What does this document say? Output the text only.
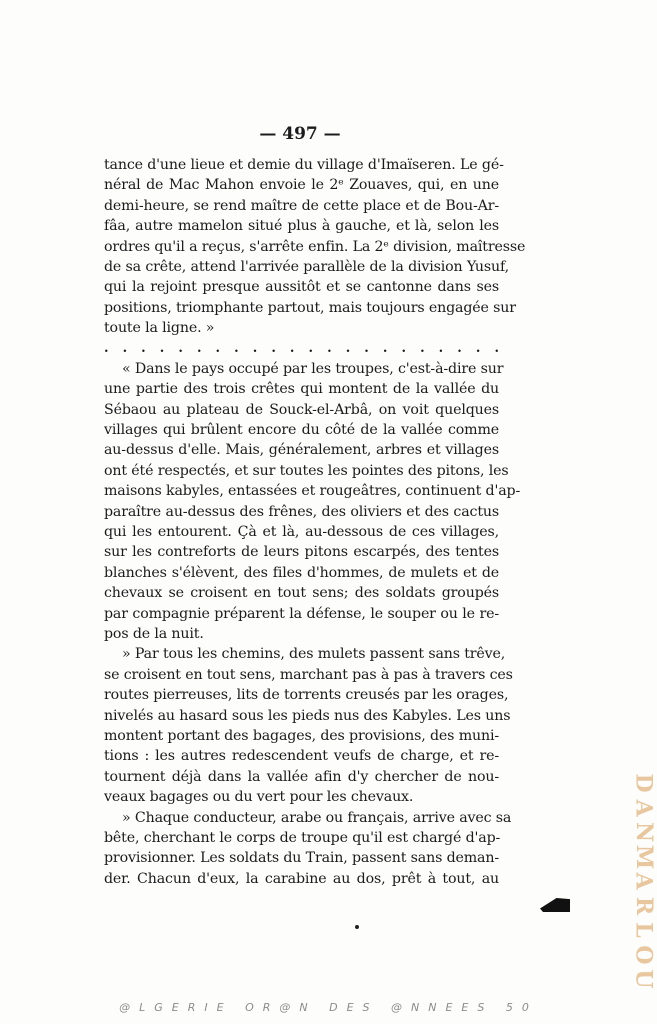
— 497 —
tance d'une lieue et demie du village d'Imaïseren. Le gé-
néral de Mac Mahon envoie le 2ᵉ Zouaves, qui, en une
demi-heure, se rend maître de cette place et de Bou-Ar-
fâa, autre mamelon situé plus à gauche, et là, selon les
ordres qu'il a reçus, s'arrête enfin. La 2ᵉ division, maîtresse
de sa crête, attend l'arrivée parallèle de la division Yusuf,
qui la rejoint presque aussitôt et se cantonne dans ses
positions, triomphante partout, mais toujours engagée sur
toute la ligne. »
. . . . . . . . . . . . . . . . . . . . . .
« Dans le pays occupé par les troupes, c'est-à-dire sur
une partie des trois crêtes qui montent de la vallée du
Sébaou au plateau de Souck-el-Arbâ, on voit quelques
villages qui brûlent encore du côté de la vallée comme
au-dessus d'elle. Mais, généralement, arbres et villages
ont été respectés, et sur toutes les pointes des pitons, les
maisons kabyles, entassées et rougeâtres, continuent d'ap-
paraître au-dessus des frênes, des oliviers et des cactus
qui les entourent. Çà et là, au-dessous de ces villages,
sur les contreforts de leurs pitons escarpés, des tentes
blanches s'élèvent, des files d'hommes, de mulets et de
chevaux se croisent en tout sens; des soldats groupés
par compagnie préparent la défense, le souper ou le re-
pos de la nuit.
» Par tous les chemins, des mulets passent sans trêve,
se croisent en tout sens, marchant pas à pas à travers ces
routes pierreuses, lits de torrents creusés par les orages,
nivelés au hasard sous les pieds nus des Kabyles. Les uns
montent portant des bagages, des provisions, des muni-
tions : les autres redescendent veufs de charge, et re-
tournent déjà dans la vallée afin d'y chercher de nou-
veaux bagages ou du vert pour les chevaux.
» Chaque conducteur, arabe ou français, arrive avec sa
bête, cherchant le corps de troupe qu'il est chargé d'ap-
provisionner. Les soldats du Train, passent sans deman-
der. Chacun d'eux, la carabine au dos, prêt à tout, au
D
A
N
M
A
R
L
O
U
@LGERIE OR@N DES @NNEES 50
